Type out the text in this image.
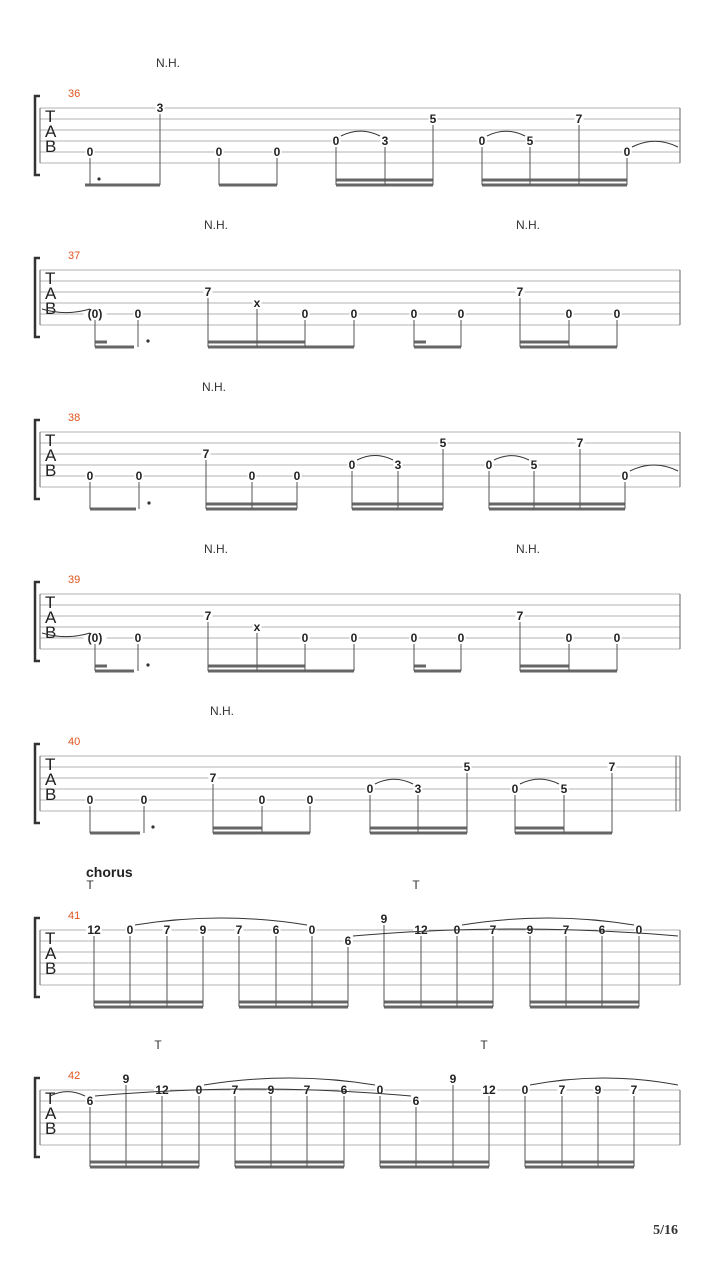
T
A
B
36
N.H.
0
3
0	0
0	3
5
0	5
7
0
T
A
B
37
N.H.	N.H.
(0)	0
7
x
0	0	0	0
7
0	0
T
A
B
38
N.H.
0	0
7
0	0
0	3
5
0	5
7
0
T
A
B
39
N.H.	N.H.
(0)	0
7
x
0	0	0	0
7
0	0
T
A
B
40
N.H.
0	0
7
0	0
0	3
5
0	5
7
T
A
B
41
chorus
T	T
12 0	7 9 7	6 0
6
9
12 0 7	9 7 6	0
T
A
B
42
T	T
6
9
12 0 7 9 7	6 0
6
9
12 0	7 9 7
5/16
